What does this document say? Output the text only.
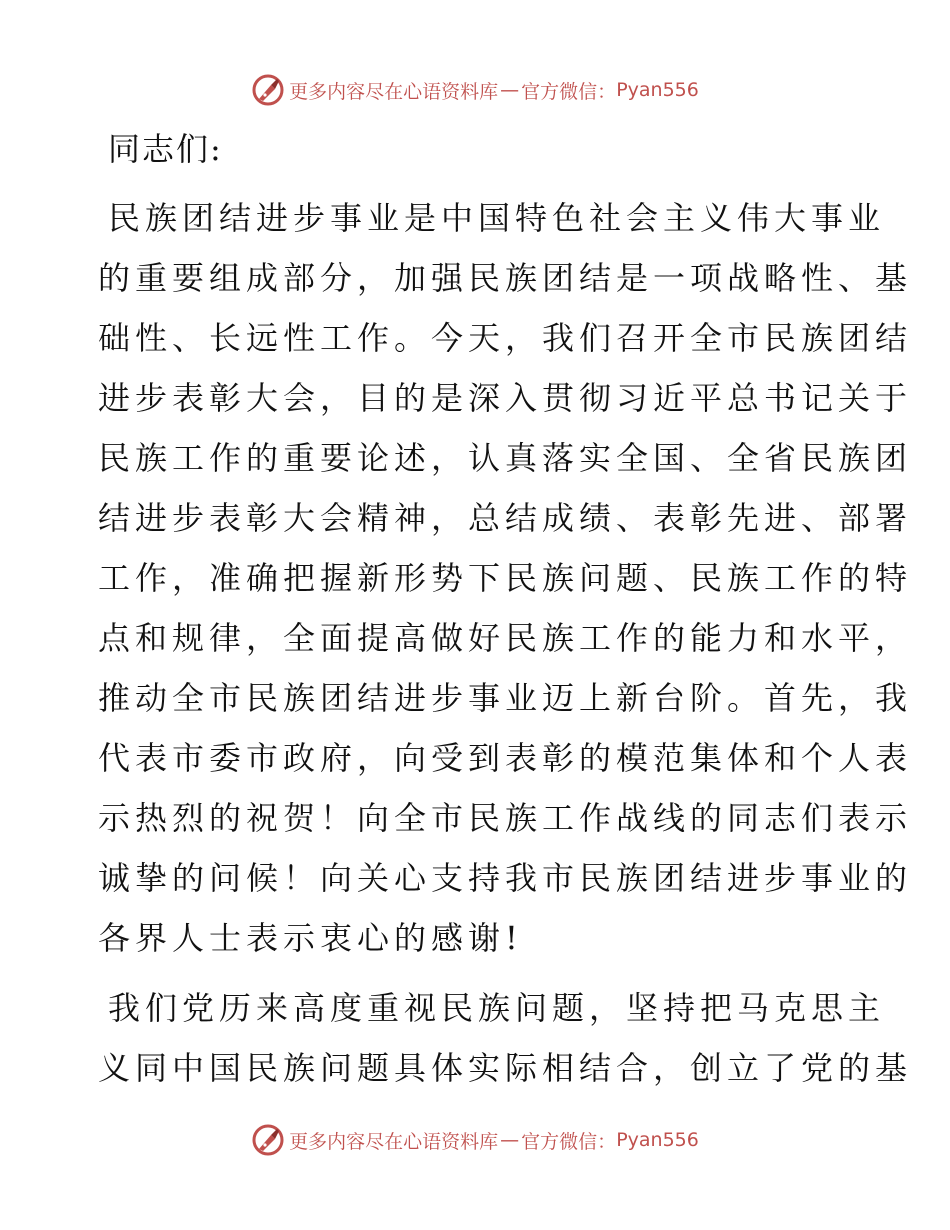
更多内容尽在心语资料库 — 官方微信： Pyan556
同志们:
民族团结进步事业是中国特色社会主义伟大事业
的重要组成部分，加强民族团结是一项战略性、基
础性、长远性工作。今天，我们召开全市民族团结
进步表彰大会，目的是深入贯彻习近平总书记关于
民族工作的重要论述，认真落实全国、全省民族团
结进步表彰大会精神，总结成绩、表彰先进、部署
工作，准确把握新形势下民族问题、民族工作的特
点和规律，全面提高做好民族工作的能力和水平，
推动全市民族团结进步事业迈上新台阶。首先，我
代表市委市政府，向受到表彰的模范集体和个人表
示热烈的祝贺！向全市民族工作战线的同志们表示
诚挚的问候！向关心支持我市民族团结进步事业的
各界人士表示衷心的感谢!
我们党历来高度重视民族问题，坚持把马克思主
义同中国民族问题具体实际相结合，创立了党的基
更多内容尽在心语资料库 — 官方微信： Pyan556
